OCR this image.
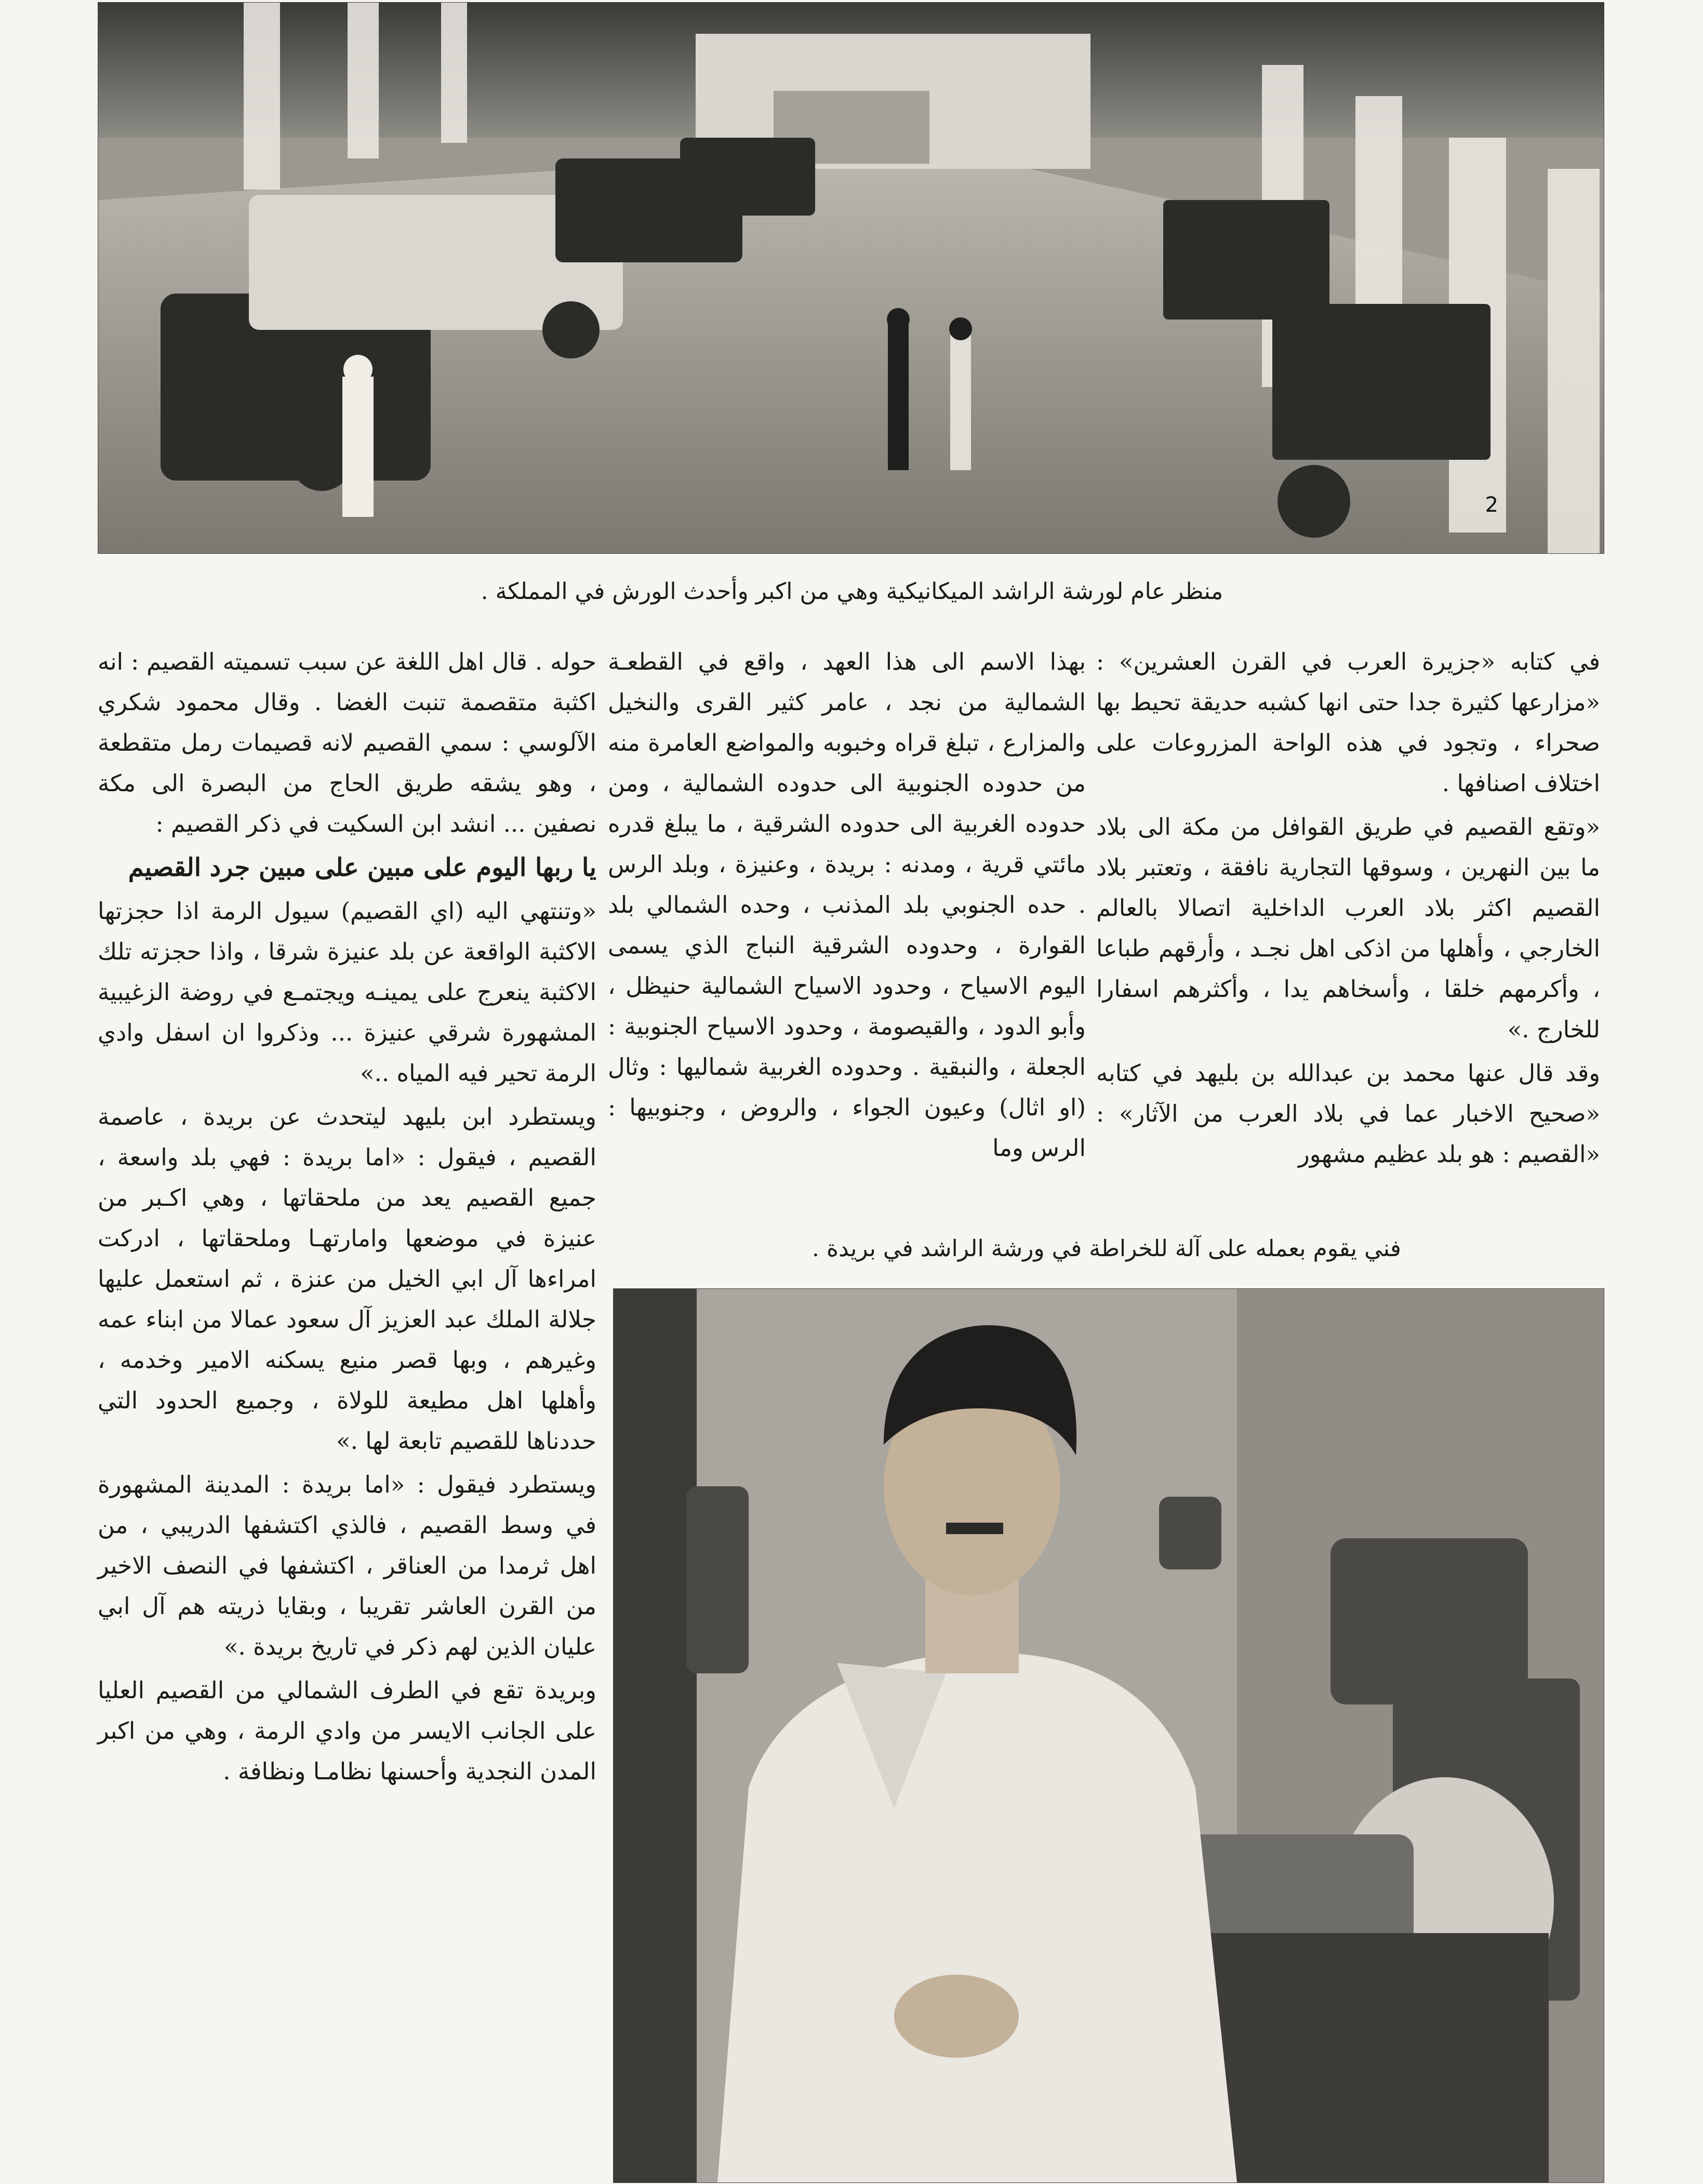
2
منظر عام لورشة الراشد الميكانيكية وهي من اكبر وأحدث الورش في المملكة .

في كتابه «جزيرة العرب في القرن العشرين» : «مزارعها كثيرة جدا حتى انها كشبه حديقة تحيط بها صحراء ، وتجود في هذه الواحة المزروعات على اختلاف اصنافها .

«وتقع القصيم في طريق القوافل من مكة الى بلاد ما بين النهرين ، وسوقها التجارية نافقة ، وتعتبر بلاد القصيم اكثر بلاد العرب الداخلية اتصالا بالعالم الخارجي ، وأهلها من اذكى اهل نجـد ، وأرقهم طباعا ، وأكرمهم خلقا ، وأسخاهم يدا ، وأكثرهم اسفارا للخارج .»

وقد قال عنها محمد بن عبدالله بن بليهد في كتابه «صحيح الاخبار عما في بلاد العرب من الآثار» : «القصيم : هو بلد عظيم مشهور

بهذا الاسم الى هذا العهد ، واقع في القطعـة الشمالية من نجد ، عامر كثير القرى والنخيل والمزارع ، تبلغ قراه وخبوبه والمواضع العامرة منه من حدوده الجنوبية الى حدوده الشمالية ، ومن حدوده الغربية الى حدوده الشرقية ، ما يبلغ قدره مائتي قرية ، ومدنه : بريدة ، وعنيزة ، وبلد الرس . حده الجنوبي بلد المذنب ، وحده الشمالي بلد القوارة ، وحدوده الشرقية النباج الذي يسمى اليوم الاسياح ، وحدود الاسياح الشمالية حنيظل ، وأبو الدود ، والقيصومة ، وحدود الاسياح الجنوبية : الجعلة ، والنبقية . وحدوده الغربية شماليها : وثال (او اثال) وعيون الجواء ، والروض ، وجنوبيها : الرس وما

فني يقوم بعمله على آلة للخراطة في ورشة الراشد في بريدة .

حوله . قال اهل اللغة عن سبب تسميته القصيم : انه اكثبة متقصمة تنبت الغضا . وقال محمود شكري الآلوسي : سمي القصيم لانه قصيمات رمل متقطعة ، وهو يشقه طريق الحاج من البصرة الى مكة نصفين ... انشد ابن السكيت في ذكر القصيم :

يا ربها اليوم على مبين على مبين جرد القصيم

«وتنتهي اليه (اي القصيم) سيول الرمة اذا حجزتها الاكثبة الواقعة عن بلد عنيزة شرقا ، واذا حجزته تلك الاكثبة ينعرج على يمينـه ويجتمـع في روضة الزغيبية المشهورة شرقي عنيزة ... وذكروا ان اسفل وادي الرمة تحير فيه المياه ..»

ويستطرد ابن بليهد ليتحدث عن بريدة ، عاصمة القصيم ، فيقول : «اما بريدة : فهي بلد واسعة ، جميع القصيم يعد من ملحقاتها ، وهي اكـبر من عنيزة في موضعها وامارتهـا وملحقاتها ، ادركت امراءها آل ابي الخيل من عنزة ، ثم استعمل عليها جلالة الملك عبد العزيز آل سعود عمالا من ابناء عمه وغيرهم ، وبها قصر منيع يسكنه الامير وخدمه ، وأهلها اهل مطيعة للولاة ، وجميع الحدود التي حددناها للقصيم تابعة لها .»

ويستطرد فيقول : «اما بريدة : المدينة المشهورة في وسط القصيم ، فالذي اكتشفها الدريبي ، من اهل ثرمدا من العناقر ، اكتشفها في النصف الاخير من القرن العاشر تقريبا ، وبقايا ذريته هم آل ابي عليان الذين لهم ذكر في تاريخ بريدة .»

وبريدة تقع في الطرف الشمالي من القصيم العليا على الجانب الايسر من وادي الرمة ، وهي من اكبر المدن النجدية وأحسنها نظامـا ونظافة .
